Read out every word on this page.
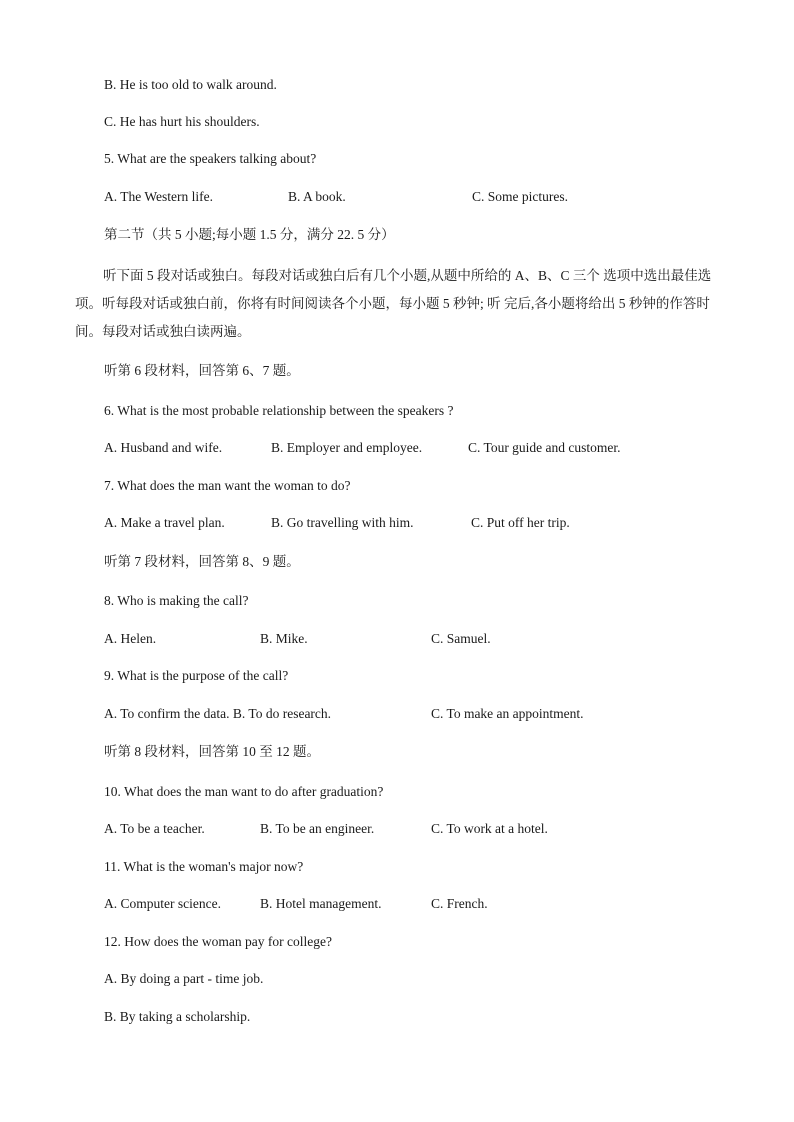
B. He is too old to walk around.
C. He has hurt his shoulders.
5. What are the speakers talking about?
A. The Western life.	B. A book.	C. Some pictures.
第二节（共 5 小题;每小题 1.5 分，满分 22. 5 分）
听下面 5 段对话或独白。每段对话或独白后有几个小题,从题中所给的 A、B、C 三个 选项中选出最佳选项。听每段对话或独白前，你将有时间阅读各个小题，每小题 5 秒钟; 听 完后,各小题将给出 5 秒钟的作答时间。每段对话或独白读两遍。
听第 6 段材料，回答第 6、7 题。
6. What is the most probable relationship between the speakers ?
A. Husband and wife.	B. Employer and employee.	C. Tour guide and customer.
7. What does the man want the woman to do?
A. Make a travel plan.	B. Go travelling with him.	C. Put off her trip.
听第 7 段材料，回答第 8、9 题。
8. Who is making the call?
A. Helen.	B. Mike.	C. Samuel.
9. What is the purpose of the call?
A. To confirm the data. B. To do research.	C. To make an appointment.
听第 8 段材料，回答第 10 至 12 题。
10. What does the man want to do after graduation?
A. To be a teacher.	B. To be an engineer.	C. To work at a hotel.
11. What is the woman's major now?
A. Computer science.	B. Hotel management.	C. French.
12. How does the woman pay for college?
A. By doing a part - time job.
B. By taking a scholarship.
